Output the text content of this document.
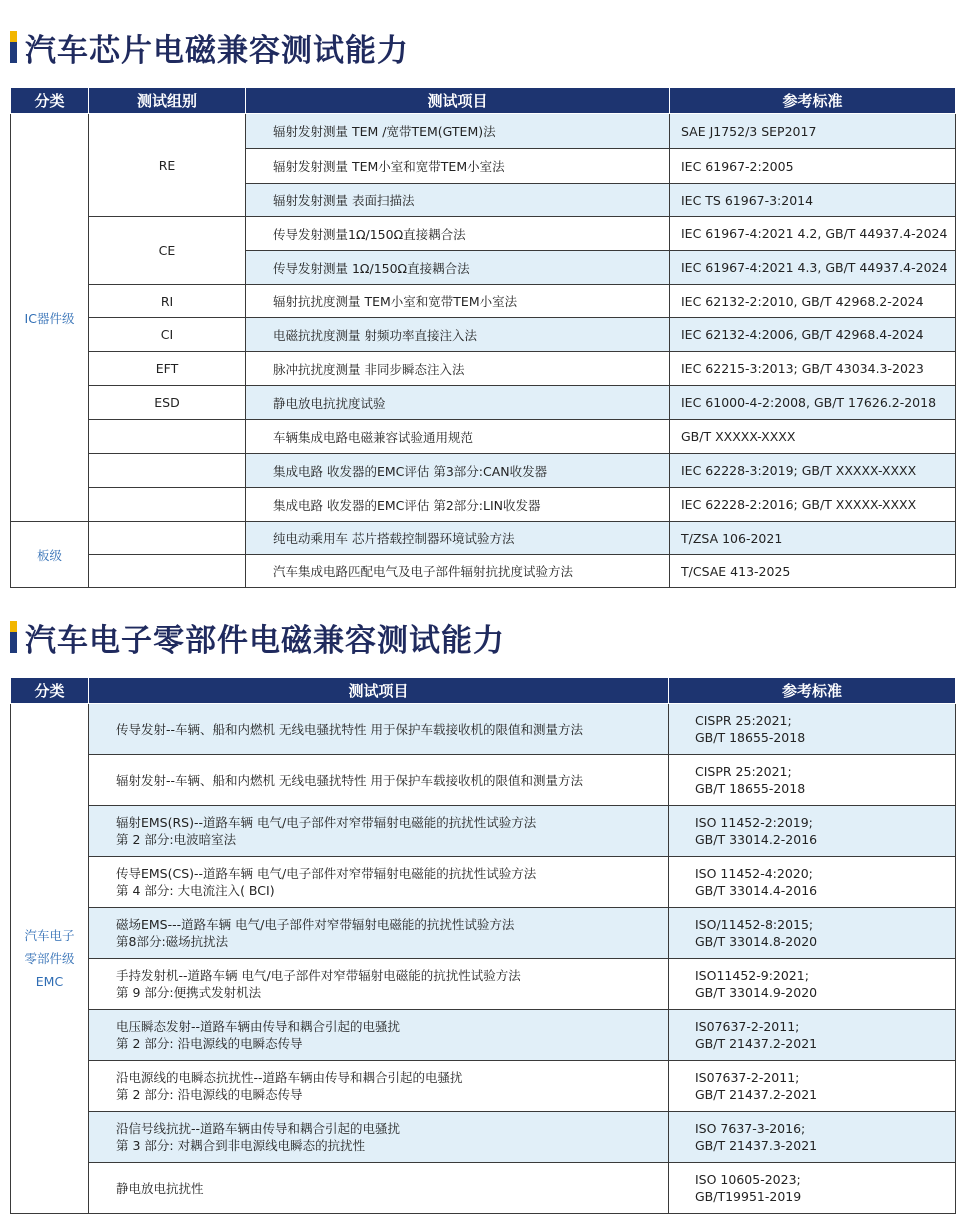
汽车芯片电磁兼容测试能力
分类	测试组别	测试项目	参考标准
IC器件级	RE	辐射发射测量 TEM /宽带TEM(GTEM)法	SAE J1752/3 SEP2017
		辐射发射测量 TEM小室和宽带TEM小室法	IEC 61967-2:2005
		辐射发射测量 表面扫描法	IEC TS 61967-3:2014
	CE	传导发射测量1Ω/150Ω直接耦合法	IEC 61967-4:2021 4.2, GB/T 44937.4-2024
		传导发射测量 1Ω/150Ω直接耦合法	IEC 61967-4:2021 4.3, GB/T 44937.4-2024
	RI	辐射抗扰度测量 TEM小室和宽带TEM小室法	IEC 62132-2:2010, GB/T 42968.2-2024
	CI	电磁抗扰度测量 射频功率直接注入法	IEC 62132-4:2006, GB/T 42968.4-2024
	EFT	脉冲抗扰度测量 非同步瞬态注入法	IEC 62215-3:2013; GB/T 43034.3-2023
	ESD	静电放电抗扰度试验	IEC 61000-4-2:2008, GB/T 17626.2-2018
		车辆集成电路电磁兼容试验通用规范	GB/T XXXXX-XXXX
		集成电路 收发器的EMC评估 第3部分:CAN收发器	IEC 62228-3:2019; GB/T XXXXX-XXXX
		集成电路 收发器的EMC评估 第2部分:LIN收发器	IEC 62228-2:2016; GB/T XXXXX-XXXX
板级		纯电动乘用车 芯片搭载控制器环境试验方法	T/ZSA 106-2021
		汽车集成电路匹配电气及电子部件辐射抗扰度试验方法	T/CSAE 413-2025
汽车电子零部件电磁兼容测试能力
分类	测试项目	参考标准
汽车电子
零部件级
EMC	传导发射--车辆、船和内燃机 无线电骚扰特性 用于保护车载接收机的限值和测量方法	CISPR 25:2021;
GB/T 18655-2018
	辐射发射--车辆、船和内燃机 无线电骚扰特性 用于保护车载接收机的限值和测量方法	CISPR 25:2021;
GB/T 18655-2018
	辐射EMS(RS)--道路车辆 电气/电子部件对窄带辐射电磁能的抗扰性试验方法
第 2 部分:电波暗室法	ISO 11452-2:2019;
GB/T 33014.2-2016
	传导EMS(CS)--道路车辆 电气/电子部件对窄带辐射电磁能的抗扰性试验方法
第 4 部分: 大电流注入( BCI)	ISO 11452-4:2020;
GB/T 33014.4-2016
	磁场EMS---道路车辆 电气/电子部件对窄带辐射电磁能的抗扰性试验方法
第8部分:磁场抗扰法	ISO/11452-8:2015;
GB/T 33014.8-2020
	手持发射机--道路车辆 电气/电子部件对窄带辐射电磁能的抗扰性试验方法
第 9 部分:便携式发射机法	ISO11452-9:2021;
GB/T 33014.9-2020
	电压瞬态发射--道路车辆由传导和耦合引起的电骚扰
第 2 部分: 沿电源线的电瞬态传导	IS07637-2-2011;
GB/T 21437.2-2021
	沿电源线的电瞬态抗扰性--道路车辆由传导和耦合引起的电骚扰
第 2 部分: 沿电源线的电瞬态传导	IS07637-2-2011;
GB/T 21437.2-2021
	沿信号线抗扰--道路车辆由传导和耦合引起的电骚扰
第 3 部分: 对耦合到非电源线电瞬态的抗扰性	ISO 7637-3-2016;
GB/T 21437.3-2021
	静电放电抗扰性	ISO 10605-2023;
GB/T19951-2019
